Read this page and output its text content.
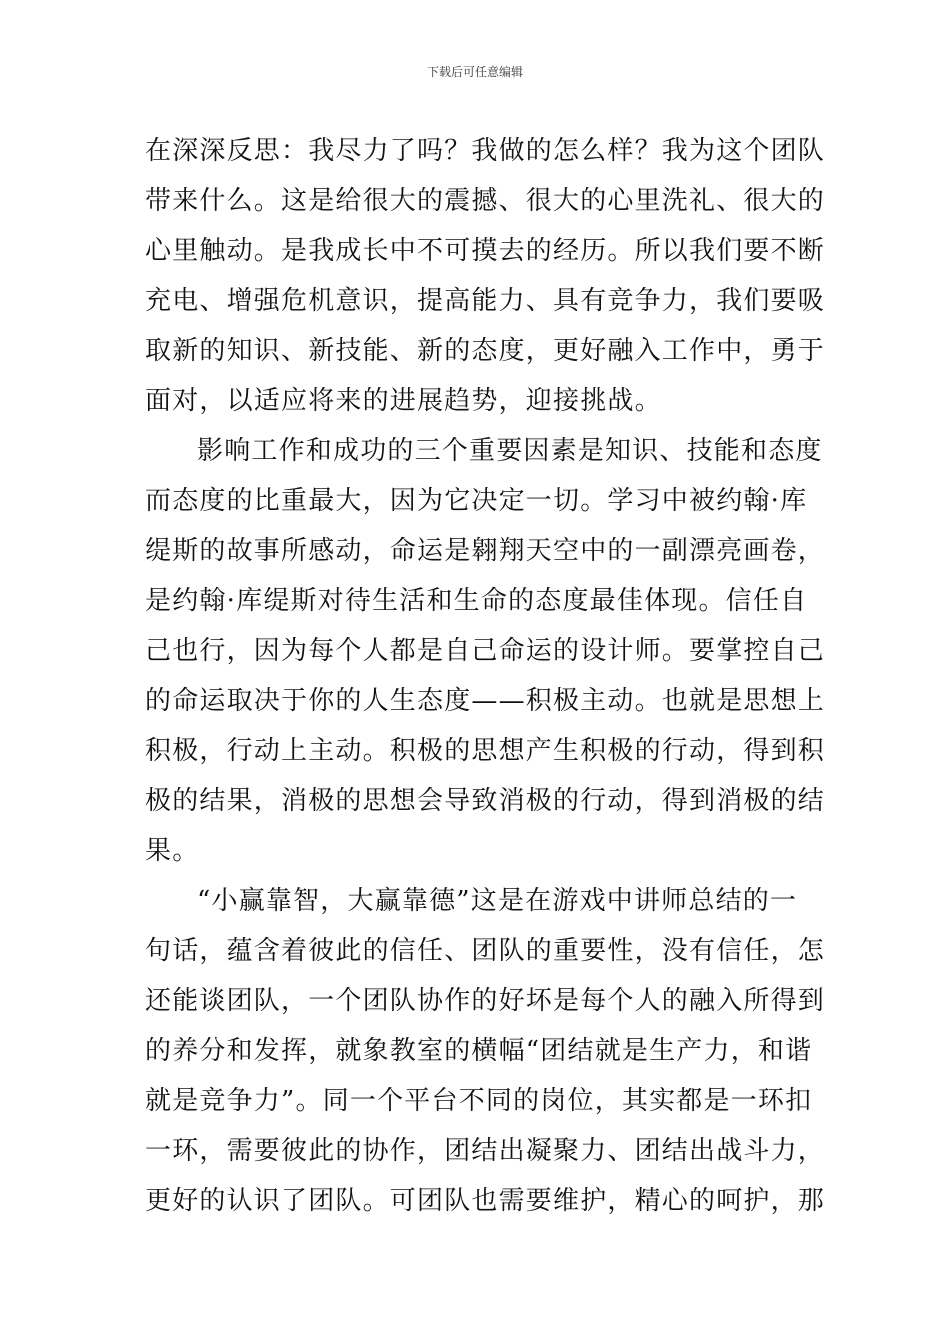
下载后可任意编辑
在深深反思：我尽力了吗？我做的怎么样？我为这个团队
带来什么。这是给很大的震撼、很大的心里洗礼、很大的
心里触动。是我成长中不可摸去的经历。所以我们要不断
充电、增强危机意识，提高能力、具有竞争力，我们要吸
取新的知识、新技能、新的态度，更好融入工作中，勇于
面对，以适应将来的进展趋势，迎接挑战。
影响工作和成功的三个重要因素是知识、技能和态度
而态度的比重最大，因为它决定一切。学习中被约翰·库
缇斯的故事所感动，命运是翱翔天空中的一副漂亮画卷，
是约翰·库缇斯对待生活和生命的态度最佳体现。信任自
己也行，因为每个人都是自己命运的设计师。要掌控自己
的命运取决于你的人生态度——积极主动。也就是思想上
积极，行动上主动。积极的思想产生积极的行动，得到积
极的结果，消极的思想会导致消极的行动，得到消极的结
果。
“小赢靠智，大赢靠德”这是在游戏中讲师总结的一
句话，蕴含着彼此的信任、团队的重要性，没有信任，怎
还能谈团队，一个团队协作的好坏是每个人的融入所得到
的养分和发挥，就象教室的横幅“团结就是生产力，和谐
就是竞争力”。同一个平台不同的岗位，其实都是一环扣
一环，需要彼此的协作，团结出凝聚力、团结出战斗力，
更好的认识了团队。可团队也需要维护，精心的呵护，那
